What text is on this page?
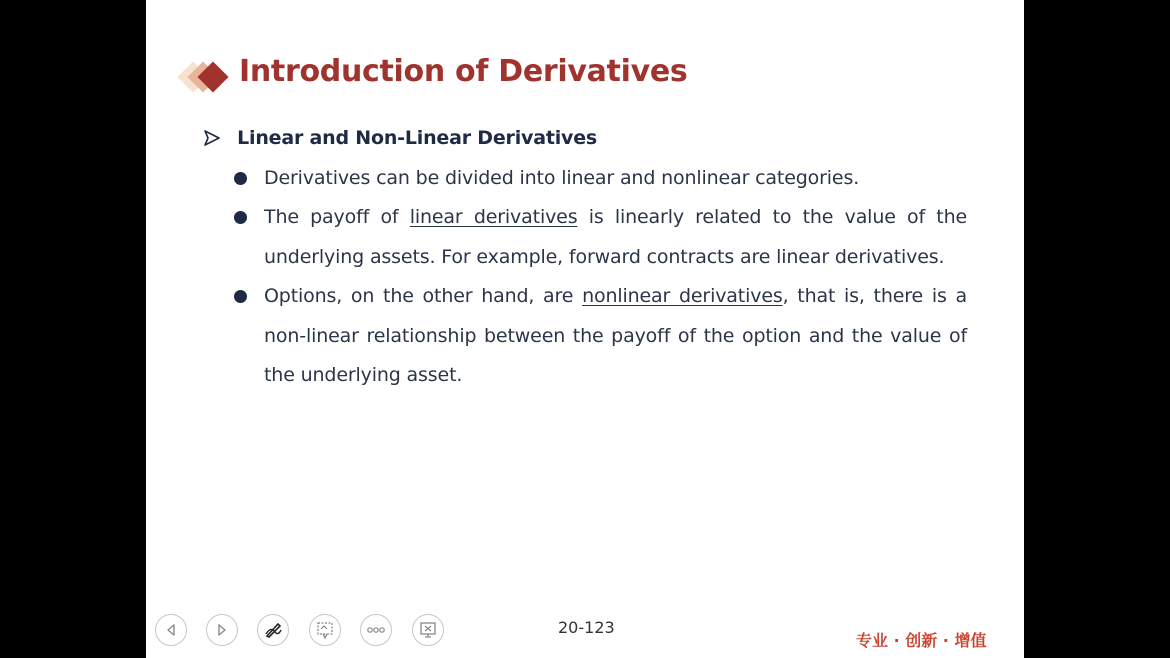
Introduction of Derivatives
Linear and Non-Linear Derivatives
Derivatives can be divided into linear and nonlinear categories.
The payoff of linear derivatives is linearly related to the value of the
underlying assets. For example, forward contracts are linear derivatives.
Options, on the other hand, are nonlinear derivatives, that is, there is a
non-linear relationship between the payoff of the option and the value of
the underlying asset.
20-123
专业 · 创新 · 增值
